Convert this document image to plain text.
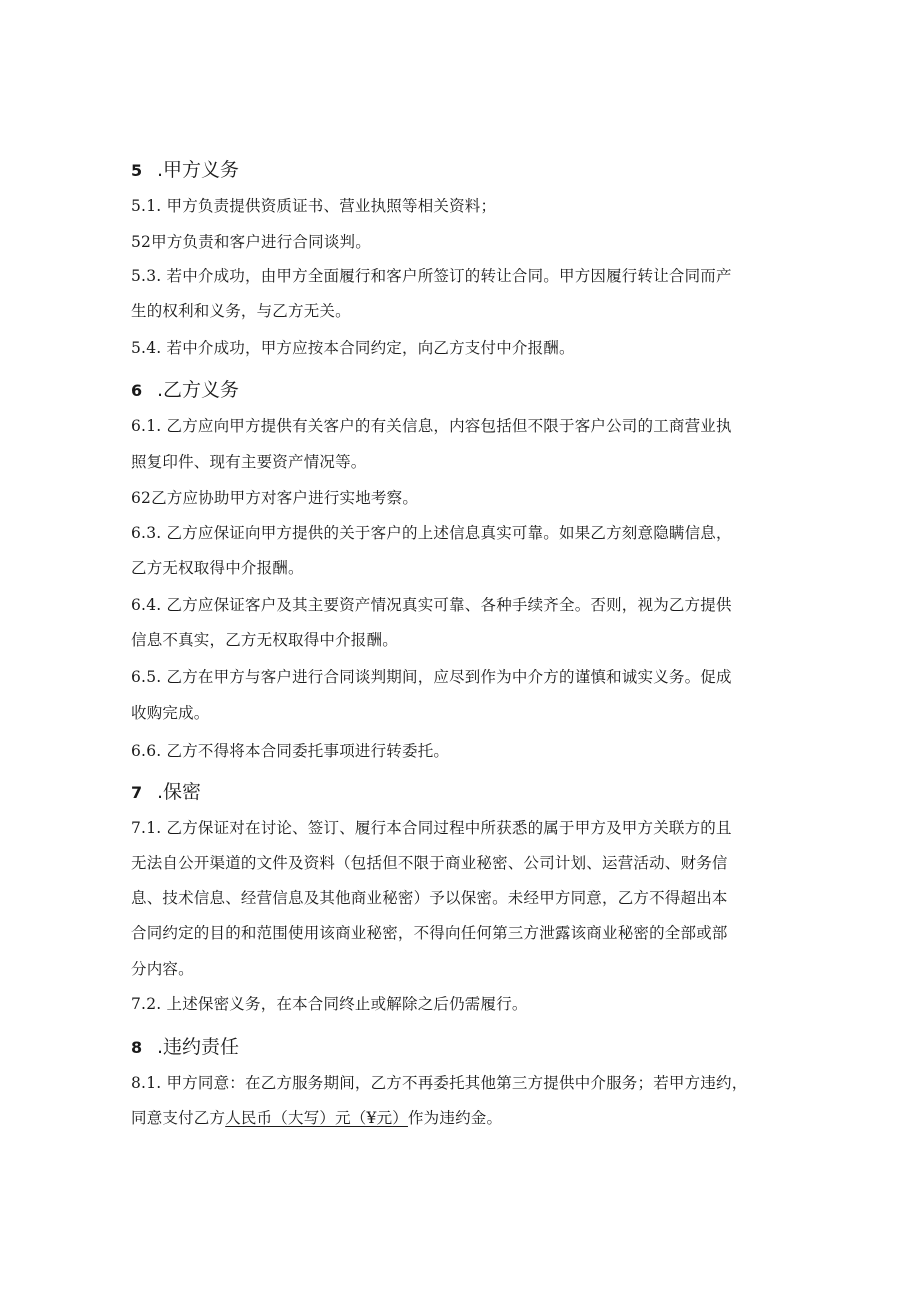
5 .甲方义务
5.1. 甲方负责提供资质证书、营业执照等相关资料；
52甲方负责和客户进行合同谈判。
5.3. 若中介成功，由甲方全面履行和客户所签订的转让合同。甲方因履行转让合同而产
生的权利和义务，与乙方无关。
5.4. 若中介成功，甲方应按本合同约定，向乙方支付中介报酬。
6 .乙方义务
6.1. 乙方应向甲方提供有关客户的有关信息，内容包括但不限于客户公司的工商营业执
照复印件、现有主要资产情况等。
62乙方应协助甲方对客户进行实地考察。
6.3. 乙方应保证向甲方提供的关于客户的上述信息真实可靠。如果乙方刻意隐瞒信息，
乙方无权取得中介报酬。
6.4. 乙方应保证客户及其主要资产情况真实可靠、各种手续齐全。否则，视为乙方提供
信息不真实，乙方无权取得中介报酬。
6.5. 乙方在甲方与客户进行合同谈判期间，应尽到作为中介方的谨慎和诚实义务。促成
收购完成。
6.6. 乙方不得将本合同委托事项进行转委托。
7 .保密
7.1. 乙方保证对在讨论、签订、履行本合同过程中所获悉的属于甲方及甲方关联方的且
无法自公开渠道的文件及资料（包括但不限于商业秘密、公司计划、运营活动、财务信
息、技术信息、经营信息及其他商业秘密）予以保密。未经甲方同意，乙方不得超出本
合同约定的目的和范围使用该商业秘密，不得向任何第三方泄露该商业秘密的全部或部
分内容。
7.2. 上述保密义务，在本合同终止或解除之后仍需履行。
8 .违约责任
8.1. 甲方同意：在乙方服务期间，乙方不再委托其他第三方提供中介服务；若甲方违约，
同意支付乙方人民币（大写）元（¥元）作为违约金。
